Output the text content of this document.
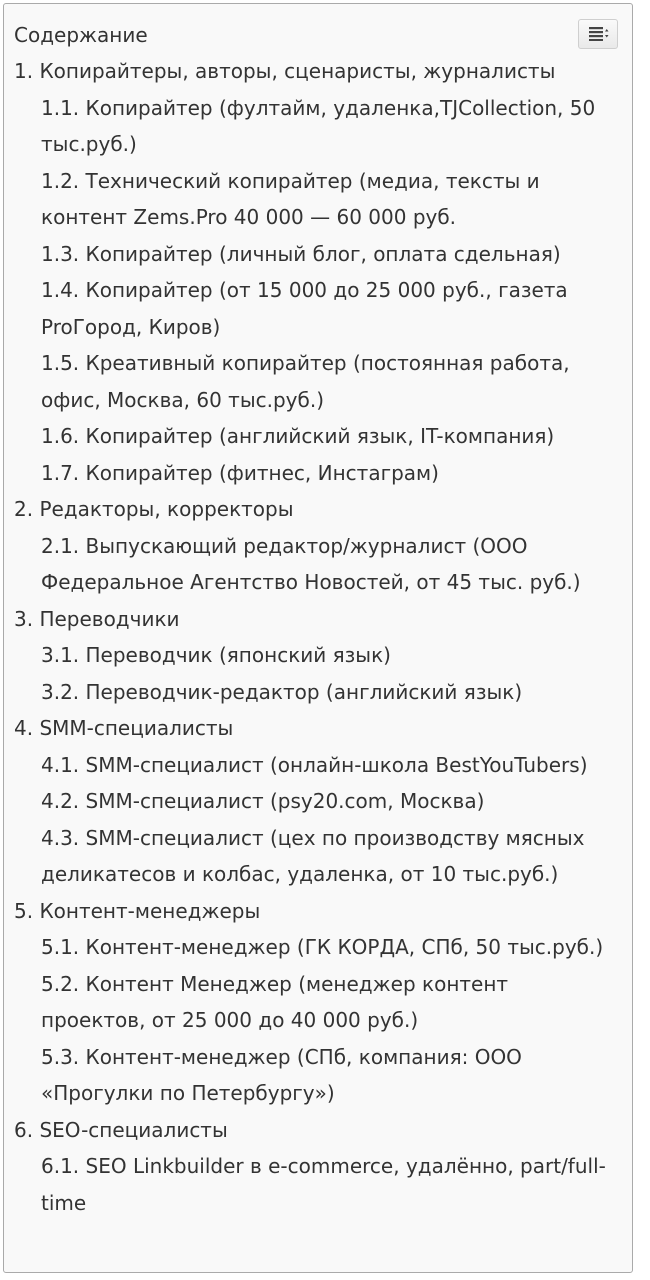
Содержание
1. Копирайтеры, авторы, сценаристы, журналисты
1.1. Копирайтер (фултайм, удаленка,TJCollection, 50 тыс.руб.)
1.2. Технический копирайтер (медиа, тексты и контент Zems.Pro 40 000 — 60 000 руб.
1.3. Копирайтер (личный блог, оплата сдельная)
1.4. Копирайтер (от 15 000 до 25 000 руб., газета ProГород, Киров)
1.5. Креативный копирайтер (постоянная работа, офис, Москва, 60 тыс.руб.)
1.6. Копирайтер (английский язык, IT-компания)
1.7. Копирайтер (фитнес, Инстаграм)
2. Редакторы, корректоры
2.1. Выпускающий редактор/журналист (ООО Федеральное Агентство Новостей, от 45 тыс. руб.)
3. Переводчики
3.1. Переводчик (японский язык)
3.2. Переводчик-редактор (английский язык)
4. SMM-специалисты
4.1. SMM-специалист (онлайн-школа BestYouTubers)
4.2. SMM-специалист (psy20.com, Москва)
4.3. SMM-специалист (цех по производству мясных деликатесов и колбас, удаленка, от 10 тыс.руб.)
5. Контент-менеджеры
5.1. Контент-менеджер (ГК КОРДА, СПб, 50 тыс.руб.)
5.2. Контент Менеджер (менеджер контент проектов, от 25 000 до 40 000 руб.)
5.3. Контент-менеджер (СПб, компания: ООО «Прогулки по Петербургу»)
6. SEO-специалисты
6.1. SEO Linkbuilder в e-commerce, удалённо, part/full-time
